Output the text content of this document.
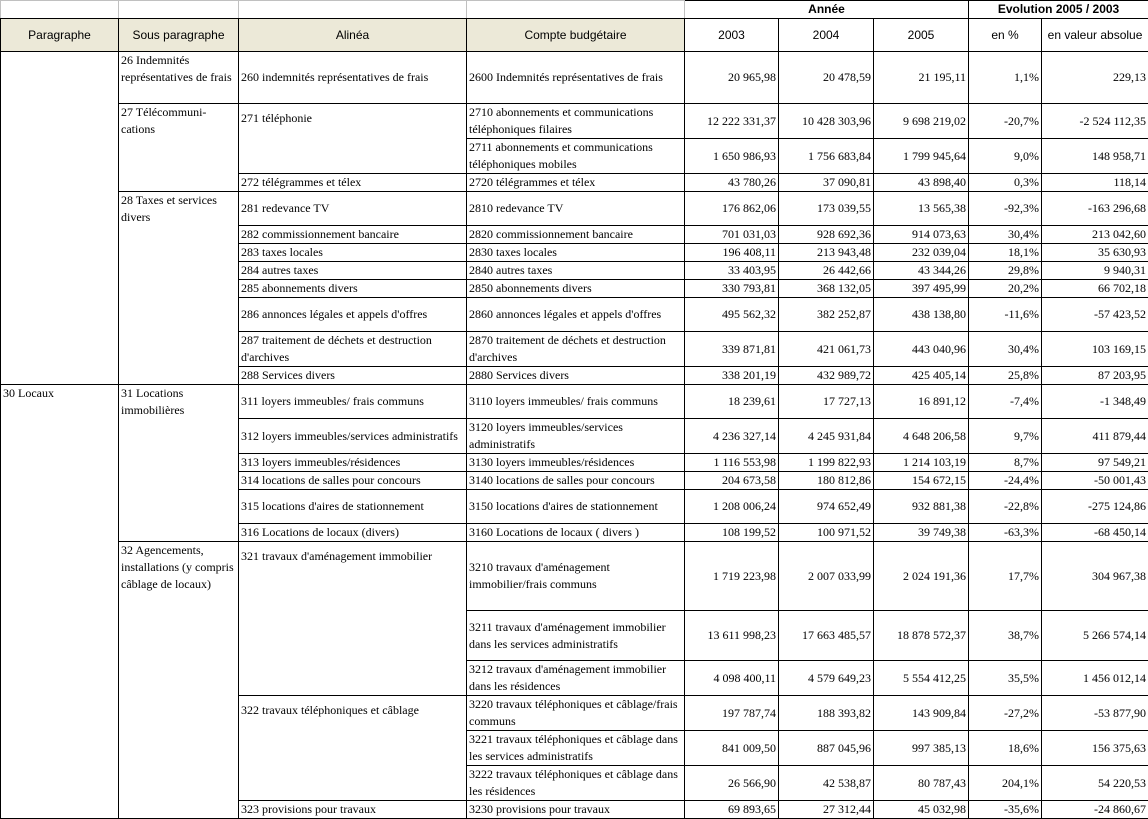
				Année			Evolution 2005 / 2003	
Paragraphe	Sous paragraphe	Alinéa	Compte budgétaire	2003	2004	2005	en %	en valeur absolue
	26 Indemnités représentatives de frais	260 indemnités représentatives de frais	2600 Indemnités représentatives de frais	20 965,98	20 478,59	21 195,11	1,1%	229,13
	27 Télécommuni-cations	271 téléphonie	2710 abonnements et communications téléphoniques filaires	12 222 331,37	10 428 303,96	9 698 219,02	-20,7%	-2 524 112,35
			2711 abonnements et communications téléphoniques mobiles	1 650 986,93	1 756 683,84	1 799 945,64	9,0%	148 958,71
		272 télégrammes et télex	2720 télégrammes et télex	43 780,26	37 090,81	43 898,40	0,3%	118,14
	28 Taxes et services divers	281 redevance TV	2810 redevance TV	176 862,06	173 039,55	13 565,38	-92,3%	-163 296,68
		282 commissionnement bancaire	2820 commissionnement bancaire	701 031,03	928 692,36	914 073,63	30,4%	213 042,60
		283 taxes locales	2830 taxes locales	196 408,11	213 943,48	232 039,04	18,1%	35 630,93
		284 autres taxes	2840 autres taxes	33 403,95	26 442,66	43 344,26	29,8%	9 940,31
		285 abonnements divers	2850 abonnements divers	330 793,81	368 132,05	397 495,99	20,2%	66 702,18
		286 annonces légales et appels d'offres	2860 annonces légales et appels d'offres	495 562,32	382 252,87	438 138,80	-11,6%	-57 423,52
		287 traitement de déchets et destruction d'archives	2870 traitement de déchets et destruction d'archives	339 871,81	421 061,73	443 040,96	30,4%	103 169,15
		288 Services divers	2880 Services divers	338 201,19	432 989,72	425 405,14	25,8%	87 203,95
30 Locaux	31 Locations immobilières	311 loyers immeubles/ frais communs	3110 loyers immeubles/ frais communs	18 239,61	17 727,13	16 891,12	-7,4%	-1 348,49
		312 loyers immeubles/services administratifs	3120 loyers immeubles/services administratifs	4 236 327,14	4 245 931,84	4 648 206,58	9,7%	411 879,44
		313 loyers immeubles/résidences	3130 loyers immeubles/résidences	1 116 553,98	1 199 822,93	1 214 103,19	8,7%	97 549,21
		314 locations de salles pour concours	3140 locations de salles pour concours	204 673,58	180 812,86	154 672,15	-24,4%	-50 001,43
		315 locations d'aires de stationnement	3150 locations d'aires de stationnement	1 208 006,24	974 652,49	932 881,38	-22,8%	-275 124,86
		316 Locations de locaux (divers)	3160 Locations de locaux ( divers )	108 199,52	100 971,52	39 749,38	-63,3%	-68 450,14
	32 Agencements, installations (y compris câblage de locaux)	321 travaux d'aménagement immobilier	3210 travaux d'aménagement immobilier/frais communs	1 719 223,98	2 007 033,99	2 024 191,36	17,7%	304 967,38
			3211 travaux d'aménagement immobilier dans les services administratifs	13 611 998,23	17 663 485,57	18 878 572,37	38,7%	5 266 574,14
			3212 travaux d'aménagement immobilier dans les résidences	4 098 400,11	4 579 649,23	5 554 412,25	35,5%	1 456 012,14
		322 travaux téléphoniques et câblage	3220 travaux téléphoniques et câblage/frais communs	197 787,74	188 393,82	143 909,84	-27,2%	-53 877,90
			3221 travaux téléphoniques et câblage dans les services administratifs	841 009,50	887 045,96	997 385,13	18,6%	156 375,63
			3222 travaux téléphoniques et câblage dans les résidences	26 566,90	42 538,87	80 787,43	204,1%	54 220,53
		323 provisions pour travaux	3230 provisions pour travaux	69 893,65	27 312,44	45 032,98	-35,6%	-24 860,67
